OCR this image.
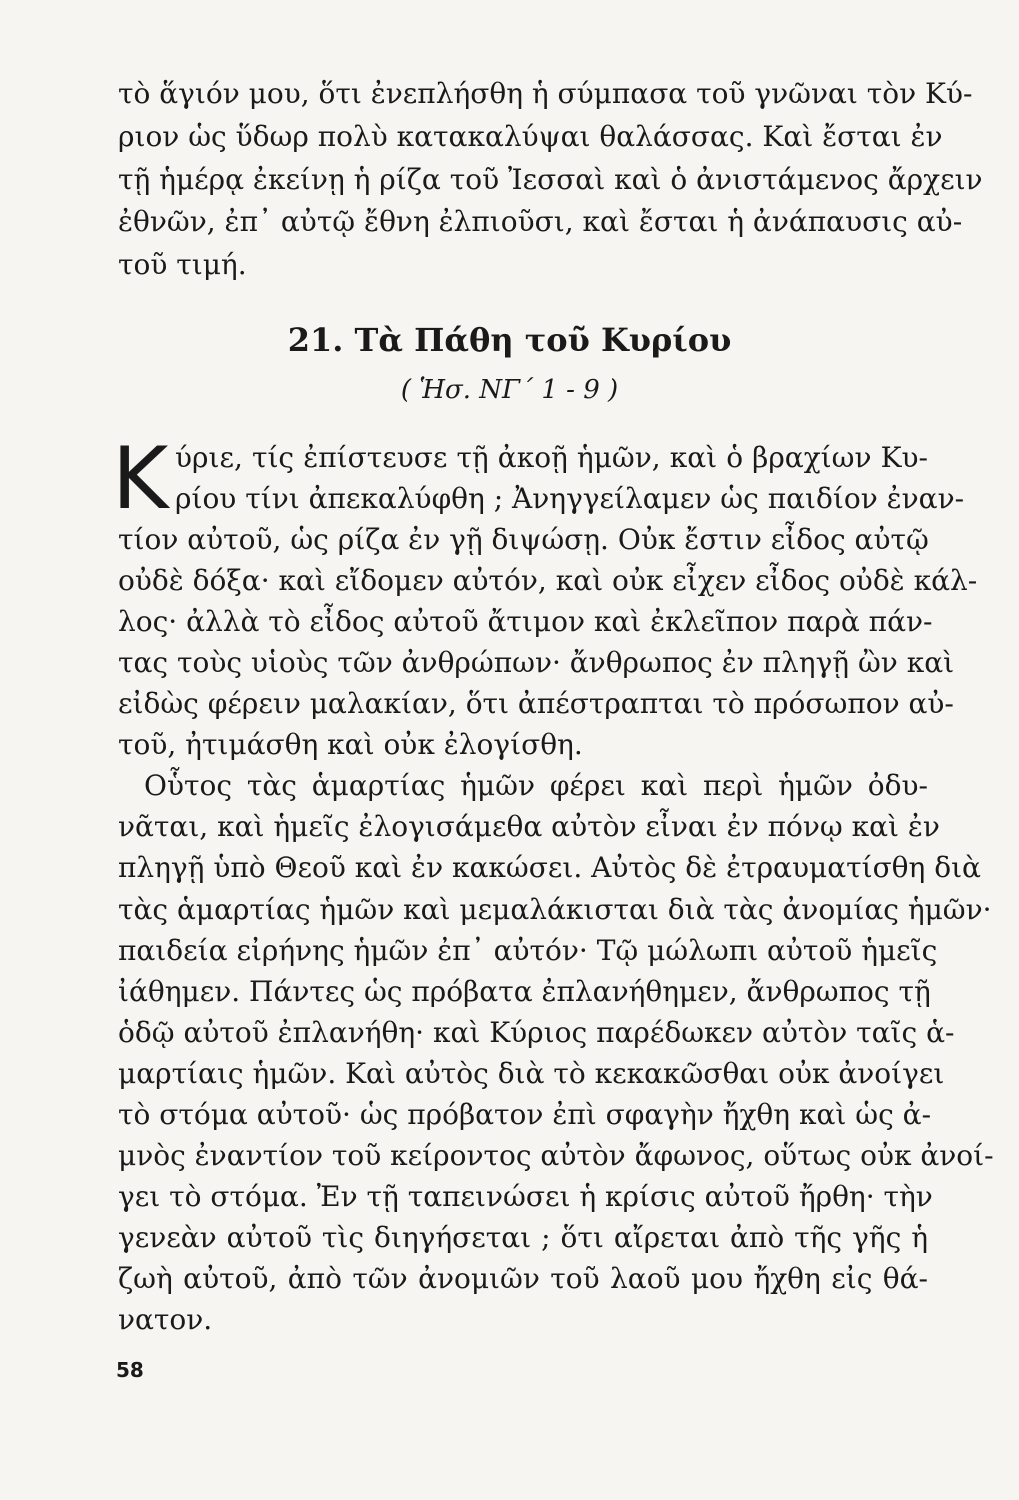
τὸ ἅγιόν μου, ὅτι ἐνεπλήσθη ἡ σύμπασα τοῦ γνῶναι τὸν Κύ-
ριον ὡς ὕδωρ πολὺ κατακαλύψαι θαλάσσας. Καὶ ἔσται ἐν
τῇ ἡμέρᾳ ἐκείνῃ ἡ ρίζα τοῦ Ἰεσσαὶ καὶ ὁ ἀνιστάμενος ἄρχειν
ἐθνῶν, ἐπ᾽ αὐτῷ ἔθνη ἐλπιοῦσι, καὶ ἔσται ἡ ἀνάπαυσις αὐ-
τοῦ τιμή.
21. Τὰ Πάθη τοῦ Κυρίου
( Ἡσ. ΝΓ΄ 1 - 9 )
Κ ύριε, τίς ἐπίστευσε τῇ ἀκοῇ ἡμῶν, καὶ ὁ βραχίων Κυ-
ρίου τίνι ἀπεκαλύφθη ; Ἀνηγγείλαμεν ὡς παιδίον ἐναν-
τίον αὐτοῦ, ὡς ρίζα ἐν γῇ διψώσῃ. Οὐκ ἔστιν εἶδος αὐτῷ
οὐδὲ δόξα· καὶ εἴδομεν αὐτόν, καὶ οὐκ εἶχεν εἶδος οὐδὲ κάλ-
λος· ἀλλὰ τὸ εἶδος αὐτοῦ ἄτιμον καὶ ἐκλεῖπον παρὰ πάν-
τας τοὺς υἱοὺς τῶν ἀνθρώπων· ἄνθρωπος ἐν πληγῇ ὢν καὶ
εἰδὼς φέρειν μαλακίαν, ὅτι ἀπέστραπται τὸ πρόσωπον αὐ-
τοῦ, ἠτιμάσθη καὶ οὐκ ἐλογίσθη.
Οὗτος τὰς ἁμαρτίας ἡμῶν φέρει καὶ περὶ ἡμῶν ὀδυ-
νᾶται, καὶ ἡμεῖς ἐλογισάμεθα αὐτὸν εἶναι ἐν πόνῳ καὶ ἐν
πληγῇ ὑπὸ Θεοῦ καὶ ἐν κακώσει. Αὐτὸς δὲ ἐτραυματίσθη διὰ
τὰς ἁμαρτίας ἡμῶν καὶ μεμαλάκισται διὰ τὰς ἀνομίας ἡμῶν·
παιδεία εἰρήνης ἡμῶν ἐπ᾽ αὐτόν· Τῷ μώλωπι αὐτοῦ ἡμεῖς
ἰάθημεν. Πάντες ὡς πρόβατα ἐπλανήθημεν, ἄνθρωπος τῇ
ὁδῷ αὐτοῦ ἐπλανήθη· καὶ Κύριος παρέδωκεν αὐτὸν ταῖς ἁ-
μαρτίαις ἡμῶν. Καὶ αὐτὸς διὰ τὸ κεκακῶσθαι οὐκ ἀνοίγει
τὸ στόμα αὐτοῦ· ὡς πρόβατον ἐπὶ σφαγὴν ἤχθη καὶ ὡς ἀ-
μνὸς ἐναντίον τοῦ κείροντος αὐτὸν ἄφωνος, οὕτως οὐκ ἀνοί-
γει τὸ στόμα. Ἐν τῇ ταπεινώσει ἡ κρίσις αὐτοῦ ἤρθη· τὴν
γενεὰν αὐτοῦ τὶς διηγήσεται ; ὅτι αἴρεται ἀπὸ τῆς γῆς ἡ
ζωὴ αὐτοῦ, ἀπὸ τῶν ἀνομιῶν τοῦ λαοῦ μου ἤχθη εἰς θά-
νατον.
58
